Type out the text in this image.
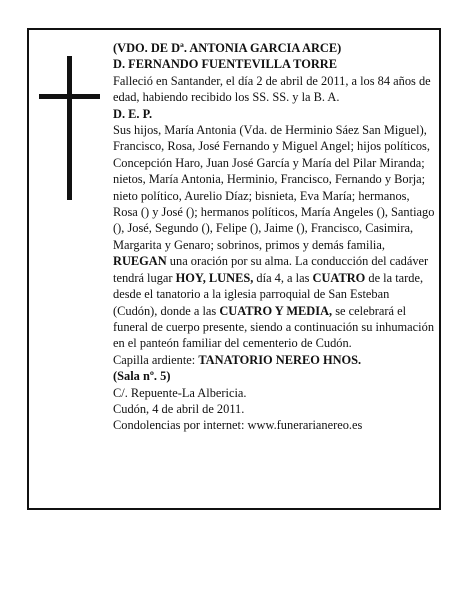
(VDO. DE Dª. ANTONIA GARCIA ARCE)

D. FERNANDO FUENTEVILLA TORRE

Falleció en Santander, el día 2 de abril de 2011, a los 84 años de edad, habiendo recibido los SS. SS. y la B. A.

D. E. P.

Sus hijos, María Antonia (Vda. de Herminio Sáez San Miguel), Francisco, Rosa, José Fernando y Miguel Angel; hijos políticos, Concepción Haro, Juan José García y María del Pilar Miranda; nietos, María Antonia, Herminio, Francisco, Fernando y Borja; nieto político, Aurelio Díaz; bisnieta, Eva María; hermanos, Rosa () y José (); hermanos políticos, María Angeles (), Santiago (), José, Segundo (), Felipe (), Jaime (), Francisco, Casimira, Margarita y Genaro; sobrinos, primos y demás familia,

RUEGAN una oración por su alma. La conducción del cadáver tendrá lugar HOY, LUNES, día 4, a las CUATRO de la tarde, desde el tanatorio a la iglesia parroquial de San Esteban (Cudón), donde a las CUATRO Y MEDIA, se celebrará el funeral de cuerpo presente, siendo a continuación su inhumación en el panteón familiar del cementerio de Cudón.

Capilla ardiente: TANATORIO NEREO HNOS.

(Sala nº. 5)

C/. Repuente-La Albericia.

Cudón, 4 de abril de 2011.

Condolencias por internet: www.funerarianereo.es
